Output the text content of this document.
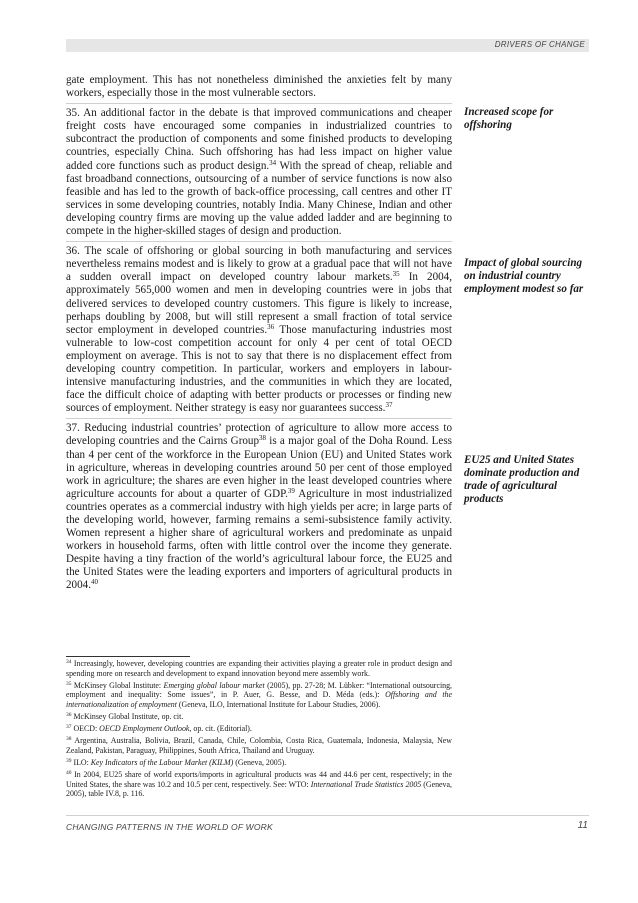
DRIVERS OF CHANGE

gate employment. This has not nonetheless diminished the anxieties felt by many workers, especially those in the most vulnerable sectors.

35. An additional factor in the debate is that improved communications and cheaper freight costs have encouraged some companies in industrialized countries to subcontract the production of components and some finished products to developing countries, especially China. Such offshoring has had less impact on higher value added core functions such as product design.$^{34}$ With the spread of cheap, reliable and fast broadband connections, outsourcing of a number of service functions is now also feasible and has led to the growth of back-office processing, call centres and other IT services in some developing countries, notably India. Many Chinese, Indian and other developing country firms are moving up the value added ladder and are beginning to compete in the higher-skilled stages of design and production.

36. The scale of offshoring or global sourcing in both manufacturing and services nevertheless remains modest and is likely to grow at a gradual pace that will not have a sudden overall impact on developed country labour markets.$^{35}$ In 2004, approximately 565,000 women and men in developing countries were in jobs that delivered services to developed country customers. This figure is likely to increase, perhaps doubling by 2008, but will still represent a small fraction of total service sector employment in developed countries.$^{36}$ Those manufacturing industries most vulnerable to low-cost competition account for only 4 per cent of total OECD employment on average. This is not to say that there is no displacement effect from developing country competition. In particular, workers and employers in labour-intensive manufacturing industries, and the communities in which they are located, face the difficult choice of adapting with better products or processes or finding new sources of employment. Neither strategy is easy nor guarantees success.$^{37}$

37. Reducing industrial countries’ protection of agriculture to allow more access to developing countries and the Cairns Group$^{38}$ is a major goal of the Doha Round. Less than 4 per cent of the workforce in the European Union (EU) and United States work in agriculture, whereas in developing countries around 50 per cent of those employed work in agriculture; the shares are even higher in the least developed countries where agriculture accounts for about a quarter of GDP.$^{39}$ Agriculture in most industrialized countries operates as a commercial industry with high yields per acre; in large parts of the developing world, however, farming remains a semi-subsistence family activity. Women represent a higher share of agricultural workers and predominate as unpaid workers in household farms, often with little control over the income they generate. Despite having a tiny fraction of the world’s agricultural labour force, the EU25 and the United States were the leading exporters and importers of agricultural products in 2004.40

Increased scope for offshoring
Impact of global sourcing on industrial country employment modest so far
EU25 and United States dominate production and trade of agricultural products

$^{34}$ Increasingly, however, developing countries are expanding their activities playing a greater role in product design and spending more on research and development to expand innovation beyond mere assembly work.

$^{35}$ McKinsey Global Institute: Emerging global labour market (2005), pp. 27-28; M. Lübker: “International outsourcing, employment and inequality: Some issues”, in P. Auer, G. Besse, and D. Méda (eds.): Offshoring and the internationalization of employment (Geneva, ILO, International Institute for Labour Studies, 2006).

$^{36}$ McKinsey Global Institute, op. cit.

$^{37}$ OECD: OECD Employment Outlook, op. cit. (Editorial).

$^{38}$ Argentina, Australia, Bolivia, Brazil, Canada, Chile, Colombia, Costa Rica, Guatemala, Indonesia, Malaysia, New Zealand, Pakistan, Paraguay, Philippines, South Africa, Thailand and Uruguay.

$^{39}$ ILO: Key Indicators of the Labour Market (KILM) (Geneva, 2005).

$^{40}$ In 2004, EU25 share of world exports/imports in agricultural products was 44 and 44.6 per cent, respectively; in the United States, the share was 10.2 and 10.5 per cent, respectively. See: WTO: International Trade Statistics 2005 (Geneva, 2005), table IV.8, p. 116.

CHANGING PATTERNS IN THE WORLD OF WORK	11
